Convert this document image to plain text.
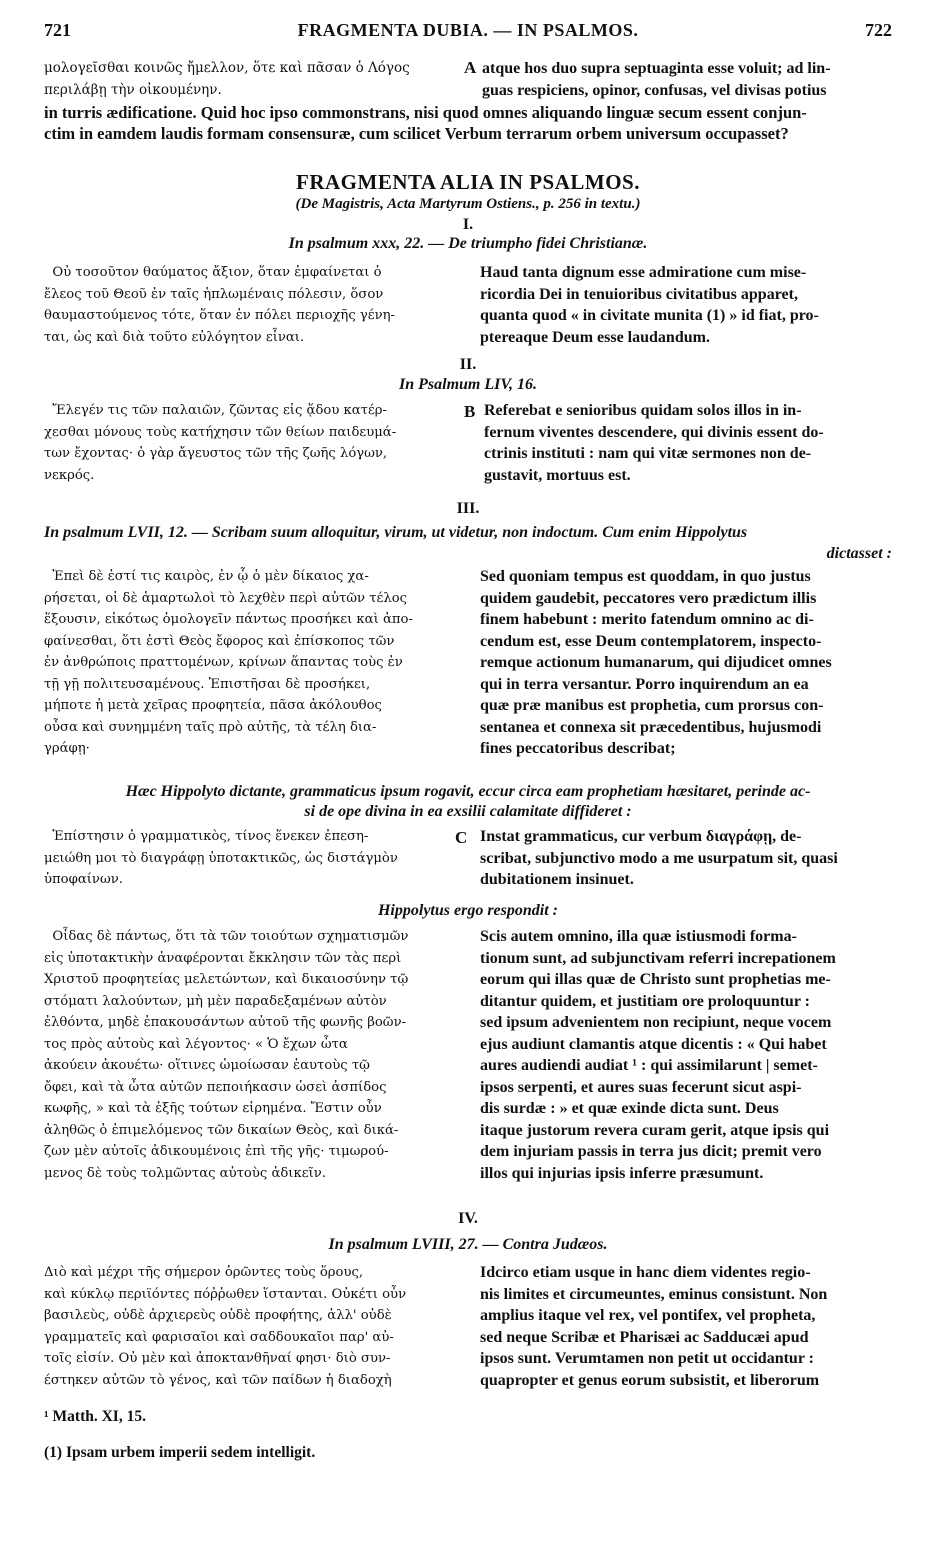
721	FRAGMENTA DUBIA. — IN PSALMOS.	722
μολογεῖσθαι κοινῶς ἤμελλον, ὅτε καὶ πᾶσαν ὁ Λόγος
περιλάβῃ τὴν οἰκουμένην.
A atque hos duo supra septuaginta esse voluit; ad lin-
guas respiciens, opinor, confusas, vel divisas potius
in turris ædificatione. Quid hoc ipso commonstrans, nisi quod omnes aliquando linguæ secum essent conjun-
ctim in eamdem laudis formam consensuræ, cum scilicet Verbum terrarum orbem universum occupasset?
FRAGMENTA ALIA IN PSALMOS.
(De Magistris, Acta Martyrum Ostiens., p. 256 in textu.)
I.
In psalmum xxx, 22. — De triumpho fidei Christianæ.
Οὐ τοσοῦτον θαύματος ἄξιον, ὅταν ἐμφαίνεται ὁ
ἔλεος τοῦ Θεοῦ ἐν ταῖς ἡπλωμέναις πόλεσιν, ὅσον
θαυμαστούμενος τότε, ὅταν ἐν πόλει περιοχῆς γένη-
ται, ὡς καὶ διὰ τοῦτο εὐλόγητον εἶναι.
Haud tanta dignum esse admiratione cum mise-
ricordia Dei in tenuioribus civitatibus apparet,
quanta quod « in civitate munita (1) » id fiat, pro-
ptereaque Deum esse laudandum.
II.
In Psalmum LIV, 16.
Ἔλεγέν τις τῶν παλαιῶν, ζῶντας εἰς ᾅδου κατέρ-
χεσθαι μόνους τοὺς κατήχησιν τῶν θείων παιδευμά-
των ἔχοντας· ὁ γὰρ ἄγευστος τῶν τῆς ζωῆς λόγων,
νεκρός.
B Referebat e senioribus quidam solos illos in in-
fernum viventes descendere, qui divinis essent do-
ctrinis instituti : nam qui vitæ sermones non de-
gustavit, mortuus est.
III.
In psalmum LVII, 12. — Scribam suum alloquitur, virum, ut videtur, non indoctum. Cum enim Hippolytus
dictasset :
Ἐπεὶ δὲ ἐστί τις καιρὸς, ἐν ᾧ ὁ μὲν δίκαιος χα-
ρήσεται, οἱ δὲ ἁμαρτωλοὶ τὸ λεχθὲν περὶ αὐτῶν τέλος
ἕξουσιν, εἰκότως ὁμολογεῖν πάντως προσήκει καὶ ἀπο-
φαίνεσθαι, ὅτι ἐστὶ Θεὸς ἔφορος καὶ ἐπίσκοπος τῶν
ἐν ἀνθρώποις πραττομένων, κρίνων ἅπαντας τοὺς ἐν
τῇ γῇ πολιτευσαμένους. Ἐπιστῆσαι δὲ προσήκει,
μήποτε ἡ μετὰ χεῖρας προφητεία, πᾶσα ἀκόλουθος
οὖσα καὶ συνημμένη ταῖς πρὸ αὐτῆς, τὰ τέλη δια-
γράφῃ·
Sed quoniam tempus est quoddam, in quo justus
quidem gaudebit, peccatores vero prædictum illis
finem habebunt : merito fatendum omnino ac di-
cendum est, esse Deum contemplatorem, inspecto-
remque actionum humanarum, qui dijudicet omnes
qui in terra versantur. Porro inquirendum an ea
quæ præ manibus est prophetia, cum prorsus con-
sentanea et connexa sit præcedentibus, hujusmodi
fines peccatoribus describat;
Hæc Hippolyto dictante, grammaticus ipsum rogavit, eccur circa eam prophetiam hæsitaret, perinde ac-
si de ope divina in ea exsilii calamitate diffideret :
Ἐπίστησιν ὁ γραμματικὸς, τίνος ἕνεκεν ἐπεση-
μειώθη μοι τὸ διαγράφῃ ὑποτακτικῶς, ὡς διστάγμὸν
ὑποφαίνων.
C Instat grammaticus, cur verbum διαγράφῃ, de-
scribat, subjunctivo modo a me usurpatum sit, quasi
dubitationem insinuet.
Hippolytus ergo respondit :
Οἶδας δὲ πάντως, ὅτι τὰ τῶν τοιούτων σχηματισμῶν
εἰς ὑποτακτικὴν ἀναφέρονται ἔκκλησιν τῶν τὰς περὶ
Χριστοῦ προφητείας μελετώντων, καὶ δικαιοσύνην τῷ
στόματι λαλούντων, μὴ μὲν παραδεξαμένων αὐτὸν
ἐλθόντα, μηδὲ ἐπακουσάντων αὐτοῦ τῆς φωνῆς βοῶν-
τος πρὸς αὐτοὺς καὶ λέγοντος· « Ὁ ἔχων ὦτα
ἀκούειν ἀκουέτω· οἵτινες ὡμοίωσαν ἑαυτοὺς τῷ
ὄφει, καὶ τὰ ὦτα αὐτῶν πεποιήκασιν ὡσεὶ ἀσπίδος
κωφῆς, » καὶ τὰ ἑξῆς τούτων εἰρημένα. Ἔστιν οὖν
ἀληθῶς ὁ ἐπιμελόμενος τῶν δικαίων Θεὸς, καὶ δικά-
ζων μὲν αὐτοῖς ἀδικουμένοις ἐπὶ τῆς γῆς· τιμωρού-
μενος δὲ τοὺς τολμῶντας αὐτοὺς ἀδικεῖν.
Scis autem omnino, illa quæ istiusmodi forma-
tionum sunt, ad subjunctivam referri increpationem
eorum qui illas quæ de Christo sunt prophetias me-
ditantur quidem, et justitiam ore proloquuntur :
sed ipsum advenientem non recipiunt, neque vocem
ejus audiunt clamantis atque dicentis : « Qui habet
aures audiendi audiat ¹ : qui assimilarunt | semet-
ipsos serpenti, et aures suas fecerunt sicut aspi-
dis surdæ : » et quæ exinde dicta sunt. Deus
itaque justorum revera curam gerit, atque ipsis qui
dem injuriam passis in terra jus dicit; premit vero
illos qui injurias ipsis inferre præsumunt.
IV.
In psalmum LVIII, 27. — Contra Judæos.
Διὸ καὶ μέχρι τῆς σήμερον ὁρῶντες τοὺς ὅρους,
καὶ κύκλῳ περιϊόντες πόῤῥωθεν ἵστανται. Οὐκέτι οὖν
βασιλεὺς, οὐδὲ ἀρχιερεὺς οὐδὲ προφήτης, ἀλλ' οὐδὲ
γραμματεῖς καὶ φαρισαῖοι καὶ σαδδουκαῖοι παρ' αὐ-
τοῖς εἰσίν. Οὐ μὲν καὶ ἀποκτανθῆναί φησι· διὸ συν-
έστηκεν αὐτῶν τὸ γένος, καὶ τῶν παίδων ἡ διαδοχὴ
Idcirco etiam usque in hanc diem videntes regio-
nis limites et circumeuntes, eminus consistunt. Non
amplius itaque vel rex, vel pontifex, vel propheta,
sed neque Scribæ et Pharisæi ac Sadducæi apud
ipsos sunt. Verumtamen non petit ut occidantur :
quapropter et genus eorum subsistit, et liberorum
¹ Matth. XI, 15.
(1) Ipsam urbem imperii sedem intelligit.
